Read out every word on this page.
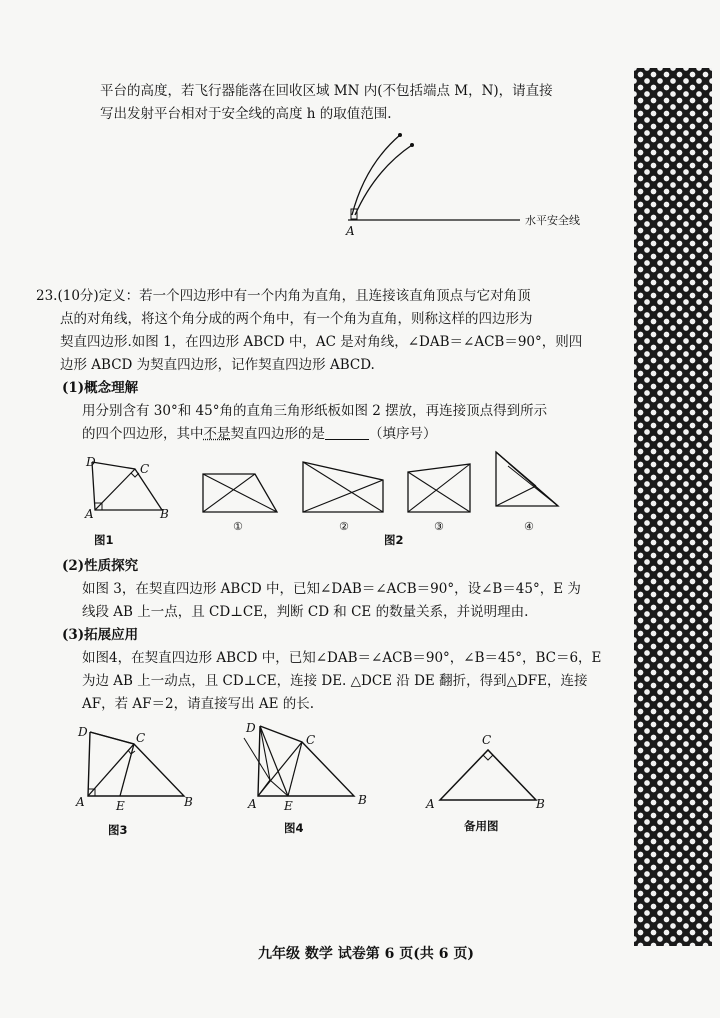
平台的高度，若飞行器能落在回收区域 MN 内(不包括端点 M，N)，请直接
写出发射平台相对于安全线的高度 h 的取值范围.
A
水平安全线
23.(10分)定义：若一个四边形中有一个内角为直角，且连接该直角顶点与它对角顶
点的对角线，将这个角分成的两个角中，有一个角为直角，则称这样的四边形为
契直四边形.如图 1，在四边形 ABCD 中，AC 是对角线，∠DAB＝∠ACB＝90°，则四
边形 ABCD 为契直四边形，记作契直四边形 ABCD.
(1)概念理解
用分别含有 30°和 45°角的直角三角形纸板如图 2 摆放，再连接顶点得到所示
的四个四边形，其中不是契直四边形的是	（填序号）
D	C
A	B
图1
①	②	③	④
图2
(2)性质探究
如图 3，在契直四边形 ABCD 中，已知∠DAB＝∠ACB＝90°，设∠B＝45°，E 为
线段 AB 上一点，且 CD⊥CE，判断 CD 和 CE 的数量关系，并说明理由.
(3)拓展应用
如图4，在契直四边形 ABCD 中，已知∠DAB＝∠ACB＝90°，∠B＝45°，BC＝6，E
为边 AB 上一动点，且 CD⊥CE，连接 DE. △DCE 沿 DE 翻折，得到△DFE，连接
AF，若 AF＝2，请直接写出 AE 的长.
D	C
A	E	B
图3
D
C
A E	B
图4
C
A	B
备用图
九年级 数学 试卷第 6 页(共 6 页)
